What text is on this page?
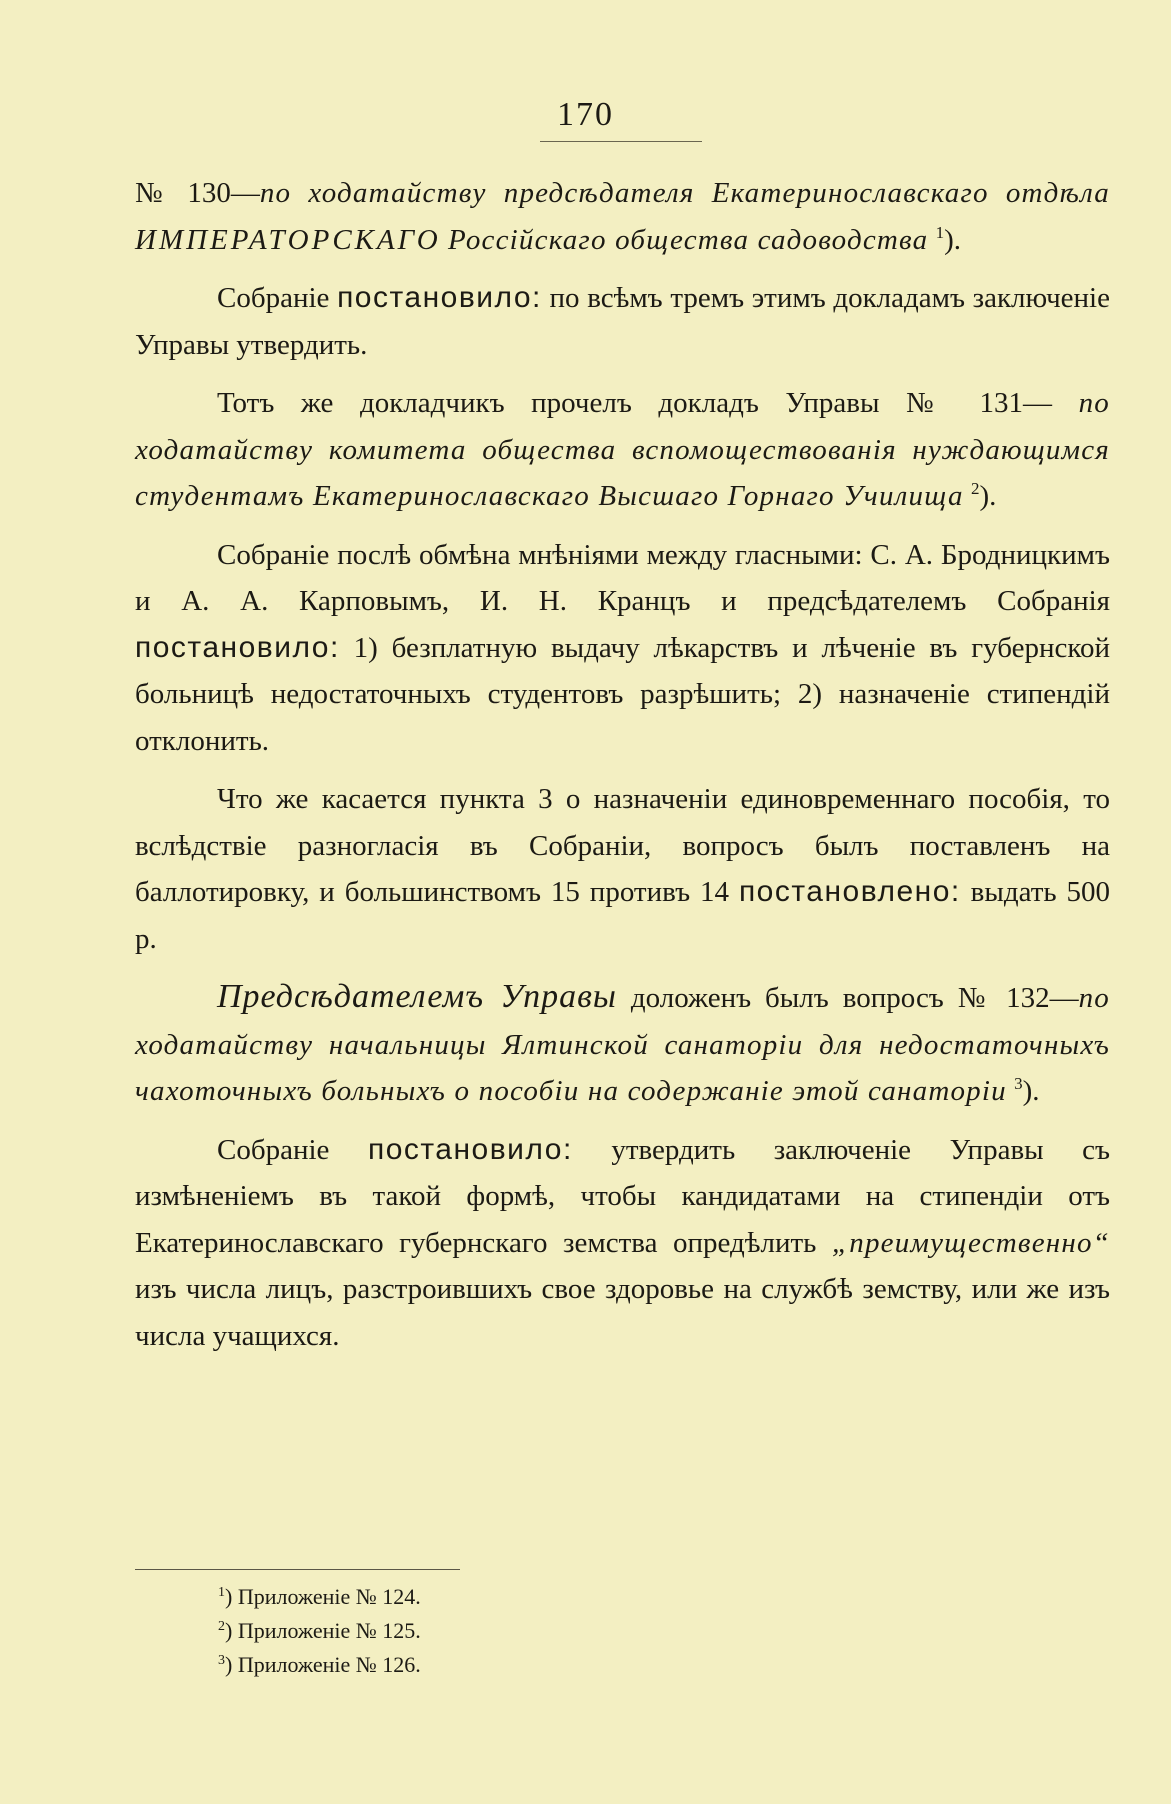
170

№ 130—по ходатайству предсѣдателя Екатеринославскаго отдѣла ИМПЕРАТОРСКАГО Россійскаго общества садоводства $^1$).

Собраніе постановило: по всѣмъ тремъ этимъ докладамъ заключеніе Управы утвердить.

Тотъ же докладчикъ прочелъ докладъ Управы № 131— по ходатайству комитета общества вспомоществованія нуждающимся студентамъ Екатеринославскаго Высшаго Горнаго Училища $^2$).

Собраніе послѣ обмѣна мнѣніями между гласными: С. А. Бродницкимъ и А. А. Карповымъ, И. Н. Кранцъ и предсѣдателемъ Собранія постановило: 1) безплатную выдачу лѣкарствъ и лѣченіе въ губернской больницѣ недостаточныхъ студентовъ разрѣшить; 2) назначеніе стипендій отклонить.

Что же касается пункта 3 о назначеніи единовременнаго пособія, то вслѣдствіе разногласія въ Собраніи, вопросъ былъ поставленъ на баллотировку, и большинствомъ 15 противъ 14 постановлено: выдать 500 р.

Предсѣдателемъ Управы доложенъ былъ вопросъ № 132—по ходатайству начальницы Ялтинской санаторіи для недостаточныхъ чахоточныхъ больныхъ о пособіи на содержаніе этой санаторіи $^3$).

Собраніе постановило: утвердить заключеніе Управы съ измѣненіемъ въ такой формѣ, чтобы кандидатами на стипендіи отъ Екатеринославскаго губернскаго земства опредѣлить „преимущественно“ изъ числа лицъ, разстроившихъ свое здоровье на службѣ земству, или же изъ числа учащихся.

$^1$) Приложеніе № 124.
$^2$) Приложеніе № 125.
$^3$) Приложеніе № 126.
